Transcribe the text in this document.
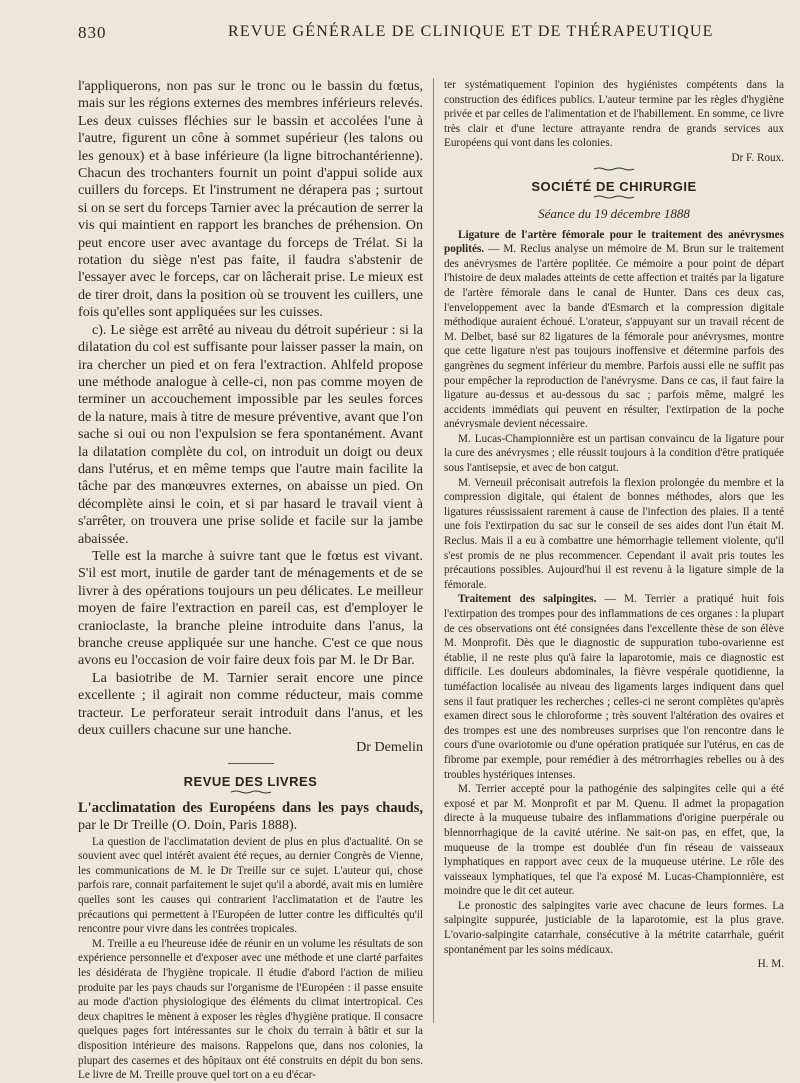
830	REVUE GÉNÉRALE DE CLINIQUE ET DE THÉRAPEUTIQUE

l'appliquerons, non pas sur le tronc ou le bassin du fœtus, mais sur les régions externes des membres inférieurs relevés. Les deux cuisses fléchies sur le bassin et accolées l'une à l'autre, figurent un cône à sommet supérieur (les talons ou les genoux) et à base inférieure (la ligne bitrochantérienne). Chacun des trochanters fournit un point d'appui solide aux cuillers du forceps. Et l'instrument ne dérapera pas ; surtout si on se sert du forceps Tarnier avec la précaution de serrer la vis qui maintient en rapport les branches de préhension. On peut encore user avec avantage du forceps de Trélat. Si la rotation du siège n'est pas faite, il faudra s'abstenir de l'essayer avec le forceps, car on lâcherait prise. Le mieux est de tirer droit, dans la position où se trouvent les cuillers, une fois qu'elles sont appliquées sur les cuisses.

c). Le siège est arrêté au niveau du détroit supérieur : si la dilatation du col est suffisante pour laisser passer la main, on ira chercher un pied et on fera l'extraction. Ahlfeld propose une méthode analogue à celle-ci, non pas comme moyen de terminer un accouchement impossible par les seules forces de la nature, mais à titre de mesure préventive, avant que l'on sache si oui ou non l'expulsion se fera spontanément. Avant la dilatation complète du col, on introduit un doigt ou deux dans l'utérus, et en même temps que l'autre main facilite la tâche par des manœuvres externes, on abaisse un pied. On décomplète ainsi le coin, et si par hasard le travail vient à s'arrêter, on trouvera une prise solide et facile sur la jambe abaissée.

Telle est la marche à suivre tant que le fœtus est vivant. S'il est mort, inutile de garder tant de ménagements et de se livrer à des opérations toujours un peu délicates. Le meilleur moyen de faire l'extraction en pareil cas, est d'employer le cranioclaste, la branche pleine introduite dans l'anus, la branche creuse appliquée sur une hanche. C'est ce que nous avons eu l'occasion de voir faire deux fois par M. le Dr Bar.

La basiotribe de M. Tarnier serait encore une pince excellente ; il agirait non comme réducteur, mais comme tracteur. Le perforateur serait introduit dans l'anus, et les deux cuillers chacune sur une hanche.

Dr Demelin

REVUE DES LIVRES

L'acclimatation des Européens dans les pays chauds, par le Dr Treille (O. Doin, Paris 1888).

La question de l'acclimatation devient de plus en plus d'actualité. On se souvient avec quel intérêt avaient été reçues, au dernier Congrès de Vienne, les communications de M. le Dr Treille sur ce sujet. L'auteur qui, chose parfois rare, connait parfaitement le sujet qu'il a abordé, avait mis en lumière quelles sont les causes qui contrarient l'acclimatation et de l'autre les précautions qui permettent à l'Européen de lutter contre les difficultés qu'il rencontre pour vivre dans les contrées tropicales.

M. Treille a eu l'heureuse idée de réunir en un volume les résultats de son expérience personnelle et d'exposer avec une méthode et une clarté parfaites les désidérata de l'hygiène tropicale. Il étudie d'abord l'action de milieu produite par les pays chauds sur l'organisme de l'Européen : il passe ensuite au mode d'action physiologique des éléments du climat intertropical. Ces deux chapitres le mènent à exposer les règles d'hygiène pratique. Il consacre quelques pages fort intéressantes sur le choix du terrain à bâtir et sur la disposition intérieure des maisons. Rappelons que, dans nos colonies, la plupart des casernes et des hôpitaux ont été construits en dépit du bon sens. Le livre de M. Treille prouve quel tort on a eu d'écar-

ter systématiquement l'opinion des hygiénistes compétents dans la construction des édifices publics. L'auteur termine par les règles d'hygiène privée et par celles de l'alimentation et de l'habillement. En somme, ce livre très clair et d'une lecture attrayante rendra de grands services aux Européens qui vont dans les colonies.

Dr F. Roux.

SOCIÉTÉ DE CHIRURGIE
Séance du 19 décembre 1888

Ligature de l'artère fémorale pour le traitement des anévrysmes poplités. — M. Reclus analyse un mémoire de M. Brun sur le traitement des anévrysmes de l'artère poplitée. Ce mémoire a pour point de départ l'histoire de deux malades atteints de cette affection et traités par la ligature de l'artère fémorale dans le canal de Hunter. Dans ces deux cas, l'enveloppement avec la bande d'Esmarch et la compression digitale méthodique auraient échoué. L'orateur, s'appuyant sur un travail récent de M. Delbet, basé sur 82 ligatures de la fémorale pour anévrysmes, montre que cette ligature n'est pas toujours inoffensive et détermine parfois des gangrènes du segment inférieur du membre. Parfois aussi elle ne suffit pas pour empêcher la reproduction de l'anévrysme. Dans ce cas, il faut faire la ligature au-dessus et au-dessous du sac ; parfois même, malgré les accidents immédiats qui peuvent en résulter, l'extirpation de la poche anévrysmale devient nécessaire.

M. Lucas-Championnière est un partisan convaincu de la ligature pour la cure des anévrysmes ; elle réussit toujours à la condition d'être pratiquée sous l'antisepsie, et avec de bon catgut.

M. Verneuil préconisait autrefois la flexion prolongée du membre et la compression digitale, qui étaient de bonnes méthodes, alors que les ligatures réussissaient rarement à cause de l'infection des plaies. Il a tenté une fois l'extirpation du sac sur le conseil de ses aides dont l'un était M. Reclus. Mais il a eu à combattre une hémorrhagie tellement violente, qu'il s'est promis de ne plus recommencer. Cependant il avait pris toutes les précautions possibles. Aujourd'hui il est revenu à la ligature simple de la fémorale.

Traitement des salpingites. — M. Terrier a pratiqué huit fois l'extirpation des trompes pour des inflammations de ces organes : la plupart de ces observations ont été consignées dans l'excellente thèse de son élève M. Monprofit. Dès que le diagnostic de suppuration tubo-ovarienne est établie, il ne reste plus qu'à faire la laparotomie, mais ce diagnostic est difficile. Les douleurs abdominales, la fièvre vespérale quotidienne, la tuméfaction localisée au niveau des ligaments larges indiquent dans quel sens il faut pratiquer les recherches ; celles-ci ne seront complètes qu'après examen direct sous le chloroforme ; très souvent l'altération des ovaires et des trompes est une des nombreuses surprises que l'on rencontre dans le cours d'une ovariotomie ou d'une opération pratiquée sur l'utérus, en cas de fibrome par exemple, pour remédier à des métrorrhagies rebelles ou à des troubles hystériques intenses.

M. Terrier accepté pour la pathogénie des salpingites celle qui a été exposé et par M. Monprofit et par M. Quenu. Il admet la propagation directe à la muqueuse tubaire des inflammations d'origine puerpérale ou blennorrhagique de la cavité utérine. Ne sait-on pas, en effet, que, la muqueuse de la trompe est doublée d'un fin réseau de vaisseaux lymphatiques en rapport avec ceux de la muqueuse utérine. Le rôle des vaisseaux lymphatiques, tel que l'a exposé M. Lucas-Championnière, est moindre que le dit cet auteur.

Le pronostic des salpingites varie avec chacune de leurs formes. La salpingite suppurée, justiciable de la laparotomie, est la plus grave. L'ovario-salpingite catarrhale, consécutive à la métrite catarrhale, guérit spontanément par les soins médicaux.

H. M.
